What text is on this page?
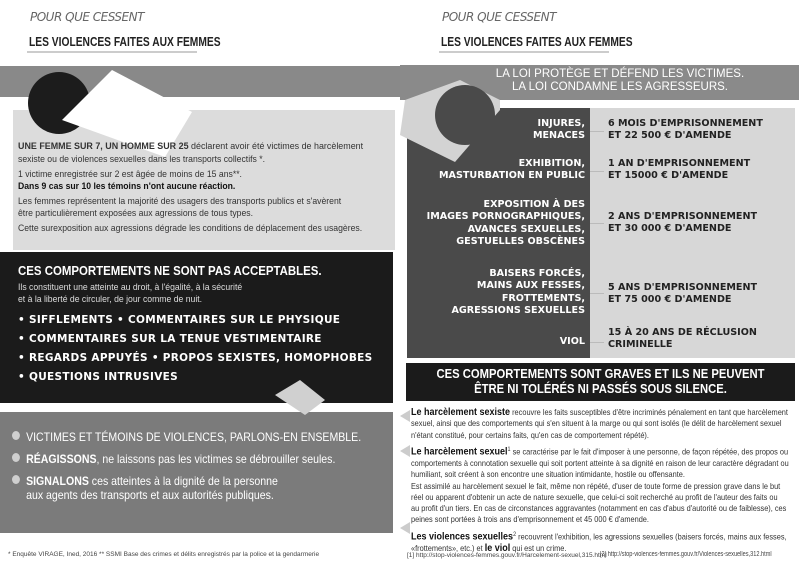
POUR QUE CESSENT
LES VIOLENCES FAITES AUX FEMMES

UNE FEMME SUR 7, UN HOMME SUR 25 déclarent avoir été victimes de harcèlement

sexiste ou de violences sexuelles dans les transports collectifs *.

1 victime enregistrée sur 2 est âgée de moins de 15 ans**.

Dans 9 cas sur 10 les témoins n'ont aucune réaction.

Les femmes représentent la majorité des usagers des transports publics et s'avèrent

être particulièrement exposées aux agressions de tous types.

Cette surexposition aux agressions dégrade les conditions de déplacement des usagères.

CES COMPORTEMENTS NE SONT PAS ACCEPTABLES.

Ils constituent une atteinte au droit, à l'égalité, à la sécurité

et à la liberté de circuler, de jour comme de nuit.

• SIFFLEMENTS • COMMENTAIRES SUR LE PHYSIQUE

• COMMENTAIRES SUR LA TENUE VESTIMENTAIRE

• REGARDS APPUYÉS • PROPOS SEXISTES, HOMOPHOBES

• QUESTIONS INTRUSIVES

VICTIMES ET TÉMOINS DE VIOLENCES, PARLONS-EN ENSEMBLE.

RÉAGISSONS, ne laissons pas les victimes se débrouiller seules.

SIGNALONS ces atteintes à la dignité de la personne

aux agents des transports et aux autorités publiques.

* Enquête VIRAGE, Ined, 2016 ** SSMI Base des crimes et délits enregistrés par la police et la gendarmerie
POUR QUE CESSENT
LES VIOLENCES FAITES AUX FEMMES

LA LOI PROTÈGE ET DÉFEND LES VICTIMES.

LA LOI CONDAMNE LES AGRESSEURS.

INJURES,

MENACES

6 MOIS D'EMPRISONNEMENT

ET 22 500 € D'AMENDE

EXHIBITION,

MASTURBATION EN PUBLIC

1 AN D'EMPRISONNEMENT

ET 15000 € D'AMENDE

EXPOSITION À DES

IMAGES PORNOGRAPHIQUES,

AVANCES SEXUELLES,

GESTUELLES OBSCÈNES

2 ANS D'EMPRISONNEMENT

ET 30 000 € D'AMENDE

BAISERS FORCÉS,

MAINS AUX FESSES,

FROTTEMENTS,

AGRESSIONS SEXUELLES

5 ANS D'EMPRISONNEMENT

ET 75 000 € D'AMENDE

VIOL

15 À 20 ANS DE RÉCLUSION

CRIMINELLE

CES COMPORTEMENTS SONT GRAVES ET ILS NE PEUVENT

ÊTRE NI TOLÉRÉS NI PASSÉS SOUS SILENCE.

Le harcèlement sexiste recouvre les faits susceptibles d'être incriminés pénalement en tant que harcèlement

sexuel, ainsi que des comportements qui s'en situent à la marge ou qui sont isolés (le délit de harcèlement sexuel

n'étant constitué, pour certains faits, qu'en cas de comportement répété).

Le harcèlement sexuel$^1$ se caractérise par le fait d'imposer à une personne, de façon répétée, des propos ou

comportements à connotation sexuelle qui soit portent atteinte à sa dignité en raison de leur caractère dégradant ou

humiliant, soit créent à son encontre une situation intimidante, hostile ou offensante.

Est assimilé au harcèlement sexuel le fait, même non répété, d'user de toute forme de pression grave dans le but

réel ou apparent d'obtenir un acte de nature sexuelle, que celui-ci soit recherché au profit de l'auteur des faits ou

au profit d'un tiers. En cas de circonstances aggravantes (notamment en cas d'abus d'autorité ou de faiblesse), ces

peines sont portées à trois ans d'emprisonnement et 45 000 € d'amende.

Les violences sexuelles$^2$ recouvrent l'exhibition, les agressions sexuelles (baisers forcés, mains aux fesses,

«frottements», etc.) et le viol qui est un crime.

[1] http://stop-violences-femmes.gouv.fr/Harcelement-sexuel,315.html
[2] http://stop-violences-femmes.gouv.fr/Violences-sexuelles,312.html
